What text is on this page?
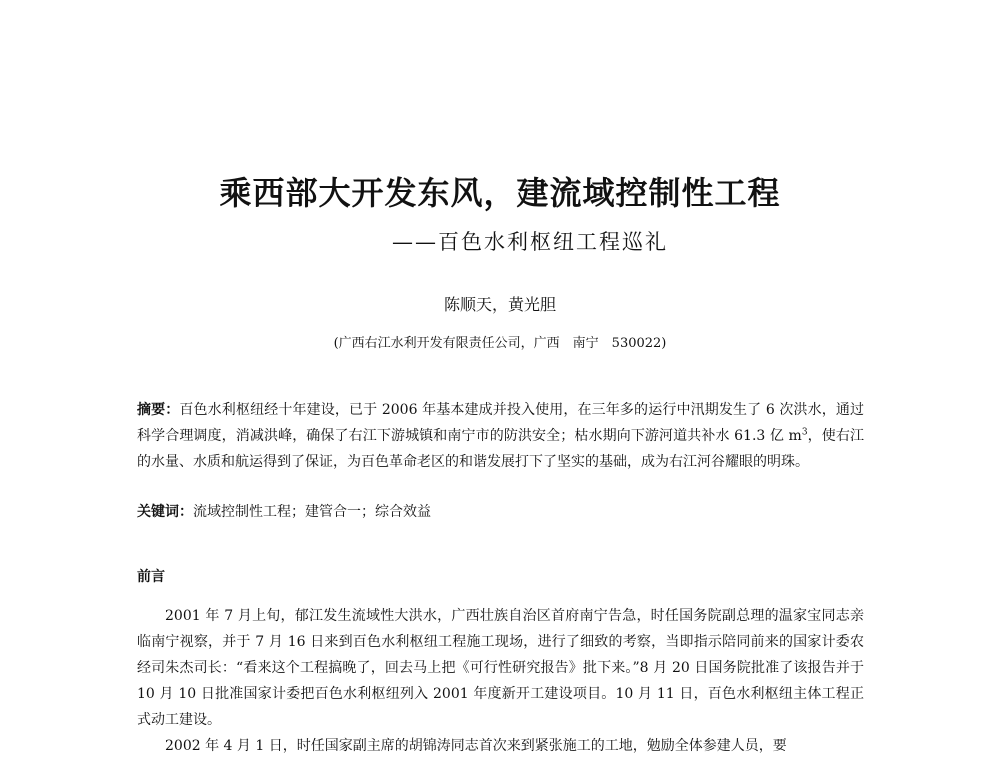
乘西部大开发东风，建流域控制性工程
——百色水利枢纽工程巡礼
陈顺天，黄光胆
(广西右江水利开发有限责任公司，广西　南宁　530022)
摘要：百色水利枢纽经十年建设，已于 2006 年基本建成并投入使用，在三年多的运行中汛期发生了 6 次洪水，通过科学合理调度，消减洪峰，确保了右江下游城镇和南宁市的防洪安全；枯水期向下游河道共补水 61.3 亿 $m^3$，使右江的水量、水质和航运得到了保证，为百色革命老区的和谐发展打下了坚实的基础，成为右江河谷耀眼的明珠。
关键词：流域控制性工程；建管合一；综合效益
前言

2001 年 7 月上旬，郁江发生流域性大洪水，广西壮族自治区首府南宁告急，时任国务院副总理的温家宝同志亲临南宁视察，并于 7 月 16 日来到百色水利枢纽工程施工现场，进行了细致的考察，当即指示陪同前来的国家计委农经司朱杰司长：“看来这个工程搞晚了，回去马上把《可行性研究报告》批下来。”8 月 20 日国务院批准了该报告并于 10 月 10 日批准国家计委把百色水利枢纽列入 2001 年度新开工建设项目。10 月 11 日，百色水利枢纽主体工程正式动工建设。

2002 年 4 月 1 日，时任国家副主席的胡锦涛同志首次来到紧张施工的工地，勉励全体参建人员，要
